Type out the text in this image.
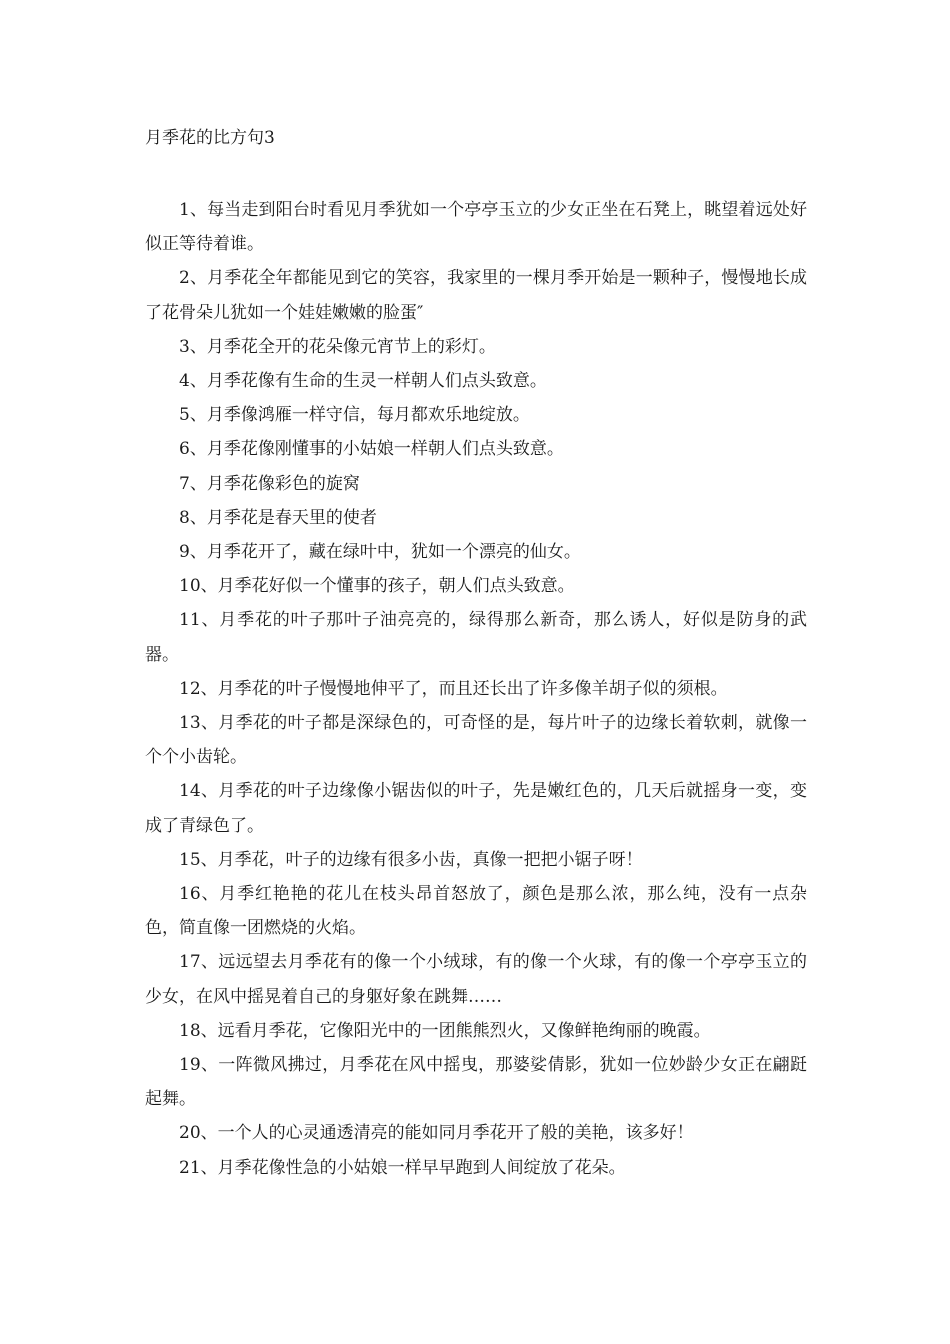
月季花的比方句3

1、每当走到阳台时看见月季犹如一个亭亭玉立的少女正坐在石凳上，眺望着远处好似正等待着谁。

2、月季花全年都能见到它的笑容，我家里的一棵月季开始是一颗种子，慢慢地长成了花骨朵儿犹如一个娃娃嫩嫩的脸蛋″

3、月季花全开的花朵像元宵节上的彩灯。

4、月季花像有生命的生灵一样朝人们点头致意。

5、月季像鸿雁一样守信，每月都欢乐地绽放。

6、月季花像刚懂事的小姑娘一样朝人们点头致意。

7、月季花像彩色的旋窝

8、月季花是春天里的使者

9、月季花开了，藏在绿叶中，犹如一个漂亮的仙女。

10、月季花好似一个懂事的孩子，朝人们点头致意。

11、月季花的叶子那叶子油亮亮的，绿得那么新奇，那么诱人，好似是防身的武器。

12、月季花的叶子慢慢地伸平了，而且还长出了许多像羊胡子似的须根。

13、月季花的叶子都是深绿色的，可奇怪的是，每片叶子的边缘长着软刺，就像一个个小齿轮。

14、月季花的叶子边缘像小锯齿似的叶子，先是嫩红色的，几天后就摇身一变，变成了青绿色了。

15、月季花，叶子的边缘有很多小齿，真像一把把小锯子呀！

16、月季红艳艳的花儿在枝头昂首怒放了，颜色是那么浓，那么纯，没有一点杂色，简直像一团燃烧的火焰。

17、远远望去月季花有的像一个小绒球，有的像一个火球，有的像一个亭亭玉立的少女，在风中摇晃着自己的身躯好象在跳舞……

18、远看月季花，它像阳光中的一团熊熊烈火，又像鲜艳绚丽的晚霞。

19、一阵微风拂过，月季花在风中摇曳，那婆娑倩影，犹如一位妙龄少女正在翩跹起舞。

20、一个人的心灵通透清亮的能如同月季花开了般的美艳，该多好！

21、月季花像性急的小姑娘一样早早跑到人间绽放了花朵。
